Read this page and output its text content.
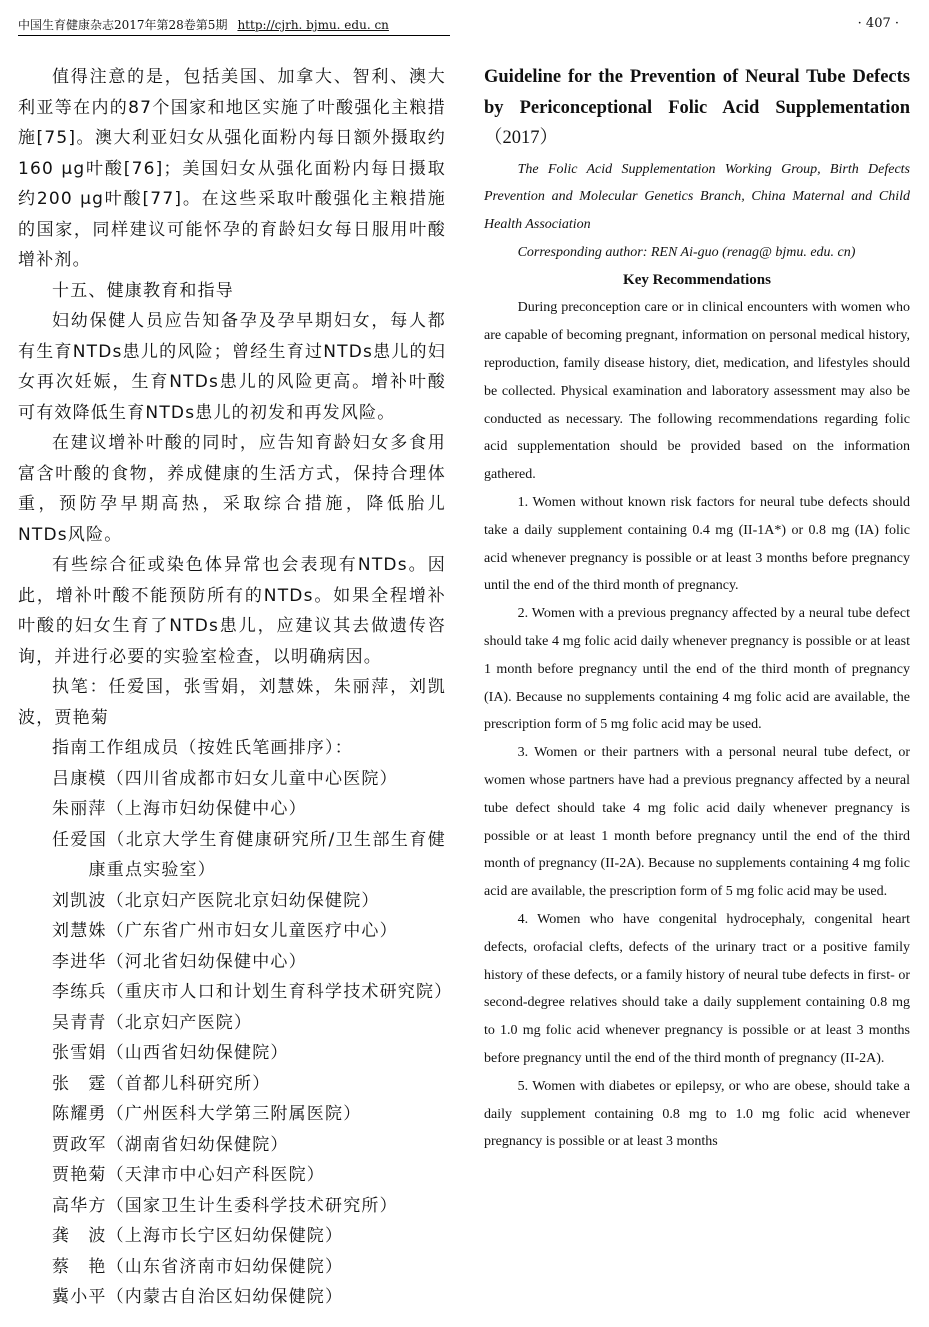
中国生育健康杂志2017年第28卷第5期 http://cjrh. bjmu. edu. cn	· 407 ·

值得注意的是，包括美国、加拿大、智利、澳大利亚等在内的87个国家和地区实施了叶酸强化主粮措施[75]。澳大利亚妇女从强化面粉内每日额外摄取约160 μg叶酸[76]；美国妇女从强化面粉内每日摄取约200 μg叶酸[77]。在这些采取叶酸强化主粮措施的国家，同样建议可能怀孕的育龄妇女每日服用叶酸增补剂。

十五、健康教育和指导

妇幼保健人员应告知备孕及孕早期妇女，每人都有生育NTDs患儿的风险；曾经生育过NTDs患儿的妇女再次妊娠，生育NTDs患儿的风险更高。增补叶酸可有效降低生育NTDs患儿的初发和再发风险。

在建议增补叶酸的同时，应告知育龄妇女多食用富含叶酸的食物，养成健康的生活方式，保持合理体重，预防孕早期高热，采取综合措施，降低胎儿NTDs风险。

有些综合征或染色体异常也会表现有NTDs。因此，增补叶酸不能预防所有的NTDs。如果全程增补叶酸的妇女生育了NTDs患儿，应建议其去做遗传咨询，并进行必要的实验室检查，以明确病因。

执笔：任爱国，张雪娟，刘慧姝，朱丽萍，刘凯波，贾艳菊

指南工作组成员（按姓氏笔画排序）：

吕康模（四川省成都市妇女儿童中心医院）

朱丽萍（上海市妇幼保健中心）

任爱国（北京大学生育健康研究所/卫生部生育健康重点实验室）

刘凯波（北京妇产医院北京妇幼保健院）

刘慧姝（广东省广州市妇女儿童医疗中心）

李进华（河北省妇幼保健中心）

李练兵（重庆市人口和计划生育科学技术研究院）

吴青青（北京妇产医院）

张雪娟（山西省妇幼保健院）

张　霆（首都儿科研究所）

陈耀勇（广州医科大学第三附属医院）

贾政军（湖南省妇幼保健院）

贾艳菊（天津市中心妇产科医院）

高华方（国家卫生计生委科学技术研究所）

龚　波（上海市长宁区妇幼保健院）

蔡　艳（山东省济南市妇幼保健院）

冀小平（内蒙古自治区妇幼保健院）

Guideline for the Prevention of Neural Tube Defects by Periconceptional Folic Acid Supplementation （2017）

The Folic Acid Supplementation Working Group, Birth Defects Prevention and Molecular Genetics Branch, China Maternal and Child Health Association

Corresponding author: REN Ai-guo (renag@ bjmu. edu. cn)

Key Recommendations

During preconception care or in clinical encounters with women who are capable of becoming pregnant, information on personal medical history, reproduction, family disease history, diet, medication, and lifestyles should be collected. Physical examination and laboratory assessment may also be conducted as necessary. The following recommendations regarding folic acid supplementation should be provided based on the information gathered.

1. Women without known risk factors for neural tube defects should take a daily supplement containing 0.4 mg (II-1A*) or 0.8 mg (IA) folic acid whenever pregnancy is possible or at least 3 months before pregnancy until the end of the third month of pregnancy.

2. Women with a previous pregnancy affected by a neural tube defect should take 4 mg folic acid daily whenever pregnancy is possible or at least 1 month before pregnancy until the end of the third month of pregnancy (IA). Because no supplements containing 4 mg folic acid are available, the prescription form of 5 mg folic acid may be used.

3. Women or their partners with a personal neural tube defect, or women whose partners have had a previous pregnancy affected by a neural tube defect should take 4 mg folic acid daily whenever pregnancy is possible or at least 1 month before pregnancy until the end of the third month of pregnancy (II-2A). Because no supplements containing 4 mg folic acid are available, the prescription form of 5 mg folic acid may be used.

4. Women who have congenital hydrocephaly, congenital heart defects, orofacial clefts, defects of the urinary tract or a positive family history of these defects, or a family history of neural tube defects in first- or second-degree relatives should take a daily supplement containing 0.8 mg to 1.0 mg folic acid whenever pregnancy is possible or at least 3 months before pregnancy until the end of the third month of pregnancy (II-2A).

5. Women with diabetes or epilepsy, or who are obese, should take a daily supplement containing 0.8 mg to 1.0 mg folic acid whenever pregnancy is possible or at least 3 months
